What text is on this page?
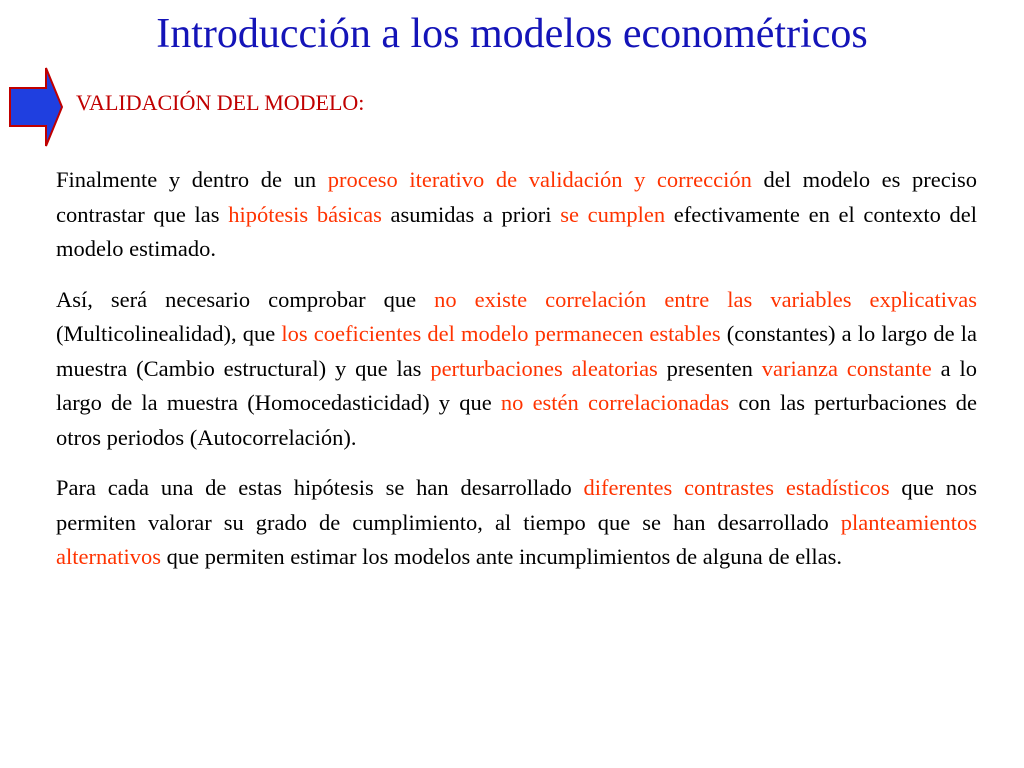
Introducción a los modelos econométricos
VALIDACIÓN DEL MODELO:

Finalmente y dentro de un proceso iterativo de validación y corrección del modelo es preciso contrastar que las hipótesis básicas asumidas a priori se cumplen efectivamente en el contexto del modelo estimado.

Así, será necesario comprobar que no existe correlación entre las variables explicativas (Multicolinealidad), que los coeficientes del modelo permanecen estables (constantes) a lo largo de la muestra (Cambio estructural) y que las perturbaciones aleatorias presenten varianza constante a lo largo de la muestra (Homocedasticidad) y que no estén correlacionadas con las perturbaciones de otros periodos (Autocorrelación).

Para cada una de estas hipótesis se han desarrollado diferentes contrastes estadísticos que nos permiten valorar su grado de cumplimiento, al tiempo que se han desarrollado planteamientos alternativos que permiten estimar los modelos ante incumplimientos de alguna de ellas.
